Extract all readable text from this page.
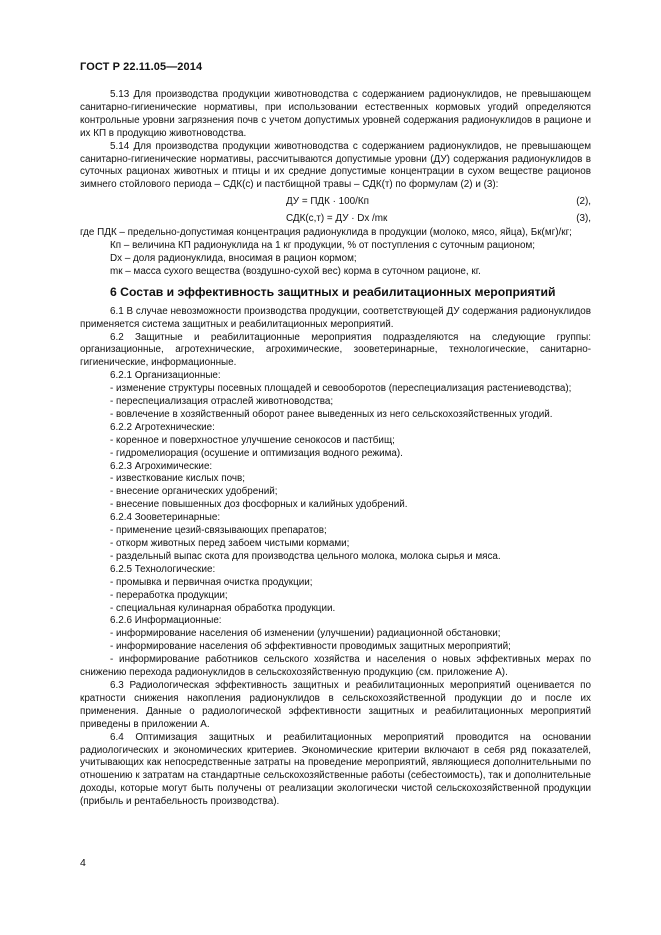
ГОСТ Р 22.11.05—2014

5.13 Для производства продукции животноводства с содержанием радионуклидов, не превышающем санитарно-гигиенические нормативы, при использовании естественных кормовых угодий определяются контрольные уровни загрязнения почв с учетом допустимых уровней содержания радионуклидов в рационе и их КП в продукцию животноводства.

5.14 Для производства продукции животноводства с содержанием радионуклидов, не превышающем санитарно-гигиенические нормативы, рассчитываются допустимые уровни (ДУ) содержания радионуклидов в суточных рационах животных и птицы и их средние допустимые концентрации в сухом веществе рационов зимнего стойлового периода – СДК(с) и пастбищной травы – СДК(т) по формулам (2) и (3):

ДУ = ПДК · 100/Кп	(2),
СДК(с,т) = ДУ · Dx /mк	(3),

где ПДК – предельно-допустимая концентрация радионуклида в продукции (молоко, мясо, яйца), Бк(мг)/кг;

Кп – величина КП радионуклида на 1 кг продукции, % от поступления с суточным рационом;

Dx – доля радионуклида, вносимая в рацион кормом;

mк – масса сухого вещества (воздушно-сухой вес) корма в суточном рационе, кг.

6 Состав и эффективность защитных и реабилитационных мероприятий

6.1 В случае невозможности производства продукции, соответствующей ДУ содержания радионуклидов применяется система защитных и реабилитационных мероприятий.

6.2 Защитные и реабилитационные мероприятия подразделяются на следующие группы: организационные, агротехнические, агрохимические, зооветеринарные, технологические, санитарно-гигиенические, информационные.

6.2.1 Организационные:

- изменение структуры посевных площадей и севооборотов (переспециализация растениеводства);

- переспециализация отраслей животноводства;

- вовлечение в хозяйственный оборот ранее выведенных из него сельскохозяйственных угодий.

6.2.2 Агротехнические:

- коренное и поверхностное улучшение сенокосов и пастбищ;

- гидромелиорация (осушение и оптимизация водного режима).

6.2.3 Агрохимические:

- известкование кислых почв;

- внесение органических удобрений;

- внесение повышенных доз фосфорных и калийных удобрений.

6.2.4 Зооветеринарные:

- применение цезий-связывающих препаратов;

- откорм животных перед забоем чистыми кормами;

- раздельный выпас скота для производства цельного молока, молока сырья и мяса.

6.2.5 Технологические:

- промывка и первичная очистка продукции;

- переработка продукции;

- специальная кулинарная обработка продукции.

6.2.6 Информационные:

- информирование населения об изменении (улучшении) радиационной обстановки;

- информирование населения об эффективности проводимых защитных мероприятий;

- информирование работников сельского хозяйства и населения о новых эффективных мерах по снижению перехода радионуклидов в сельскохозяйственную продукцию (см. приложение А).

6.3 Радиологическая эффективность защитных и реабилитационных мероприятий оценивается по кратности снижения накопления радионуклидов в сельскохозяйственной продукции до и после их применения. Данные о радиологической эффективности защитных и реабилитационных мероприятий приведены в приложении А.

6.4 Оптимизация защитных и реабилитационных мероприятий проводится на основании радиологических и экономических критериев. Экономические критерии включают в себя ряд показателей, учитывающих как непосредственные затраты на проведение мероприятий, являющиеся дополнительными по отношению к затратам на стандартные сельскохозяйственные работы (себестоимость), так и дополнительные доходы, которые могут быть получены от реализации экологически чистой сельскохозяйственной продукции (прибыль и рентабельность производства).

4
